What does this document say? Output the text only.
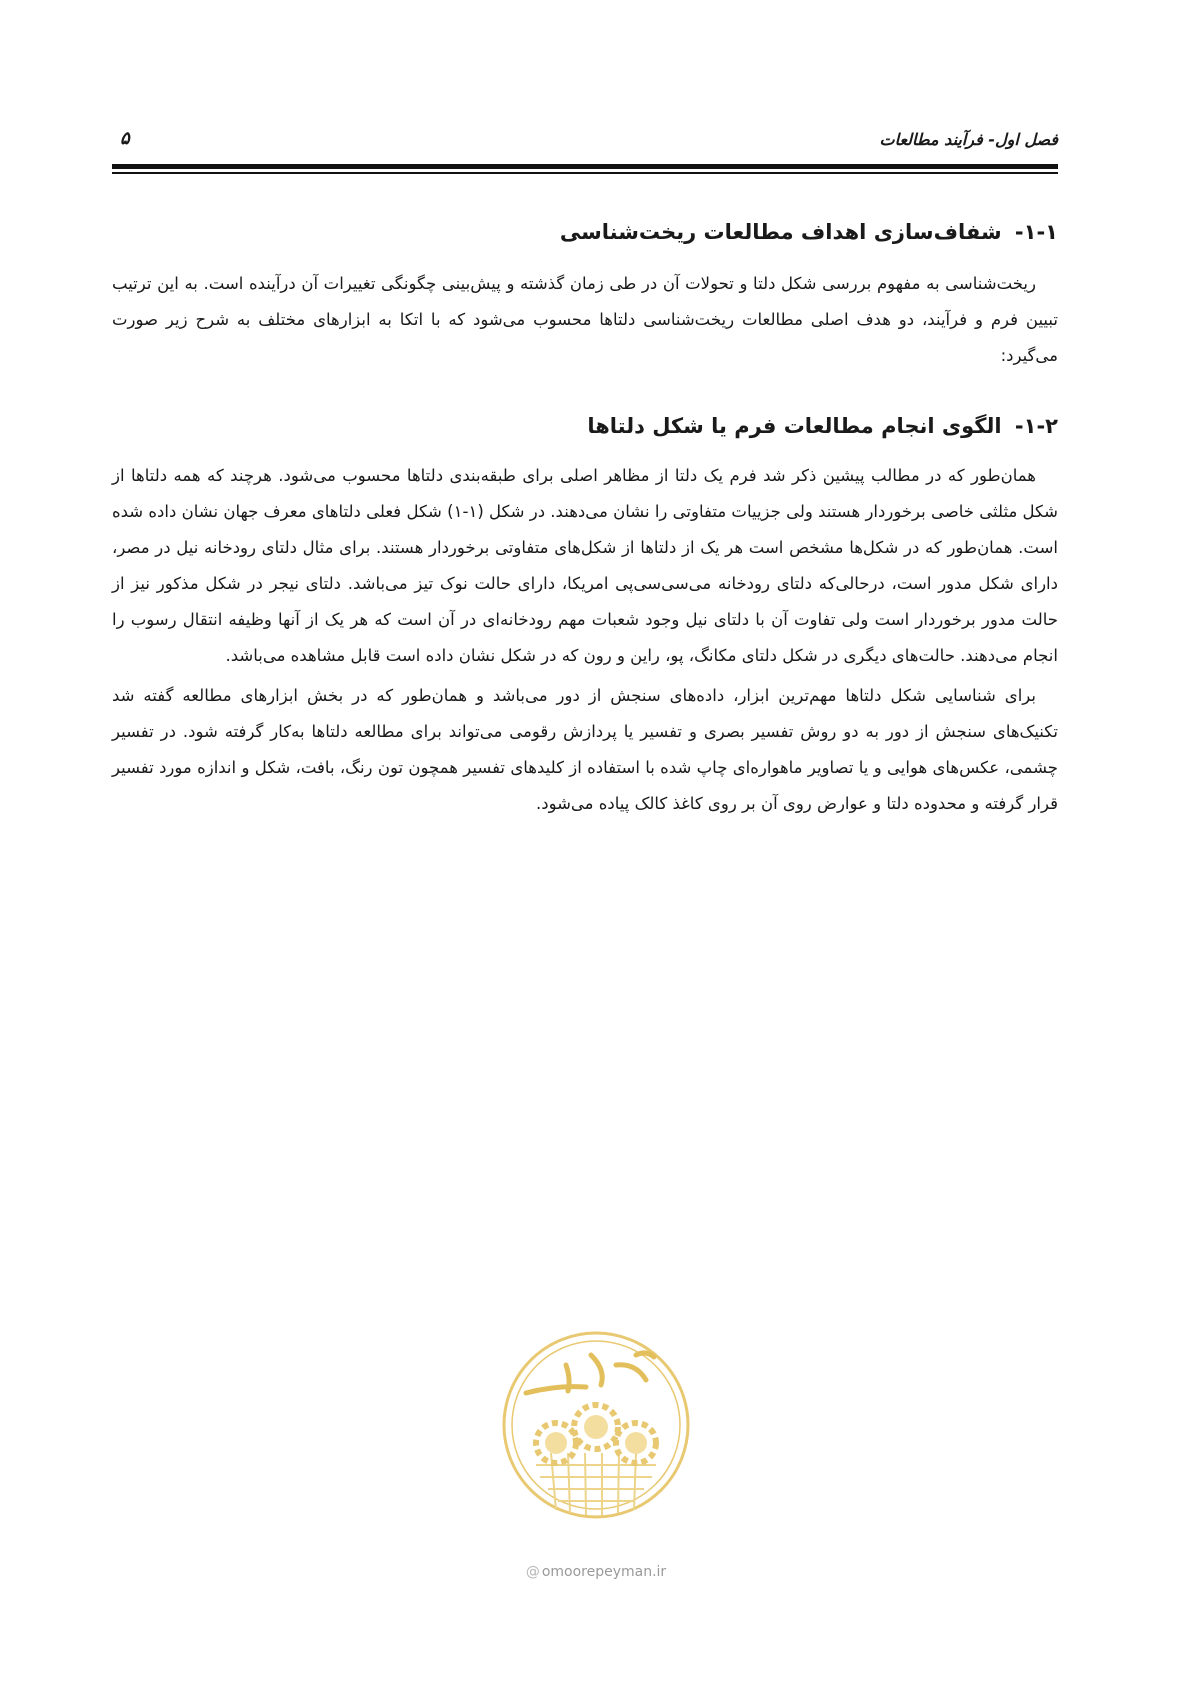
فصل اول- فرآیند مطالعات
۵
۱-۱- شفاف‌سازی اهداف مطالعات ریخت‌شناسی

ریخت‌شناسی به مفهوم بررسی شکل دلتا و تحولات آن در طی زمان گذشته و پیش‌بینی چگونگی تغییرات آن درآینده است. به این ترتیب تبیین فرم و فرآیند، دو هدف اصلی مطالعات ریخت‌شناسی دلتاها محسوب می‌شود که با اتکا به ابزارهای مختلف به شرح زیر صورت می‌گیرد:

۱-۲- الگوی انجام مطالعات فرم یا شکل دلتاها

همان‌طور که در مطالب پیشین ذکر شد فرم یک دلتا از مظاهر اصلی برای طبقه‌بندی دلتاها محسوب می‌شود. هرچند که همه دلتاها از شکل مثلثی خاصی برخوردار هستند ولی جزییات متفاوتی را نشان می‌دهند. در شکل (۱-۱) شکل فعلی دلتاهای معرف جهان نشان داده شده است. همان‌طور که در شکل‌ها مشخص است هر یک از دلتاها از شکل‌های متفاوتی برخوردار هستند. برای مثال دلتای رودخانه نیل در مصر، دارای شکل مدور است، درحالی‌که دلتای رودخانه می‌سی‌سی‌پی امریکا، دارای حالت نوک تیز می‌باشد. دلتای نیجر در شکل مذکور نیز از حالت مدور برخوردار است ولی تفاوت آن با دلتای نیل وجود شعبات مهم رودخانه‌ای در آن است که هر یک از آنها وظیفه انتقال رسوب را انجام می‌دهند. حالت‌های دیگری در شکل دلتای مکانگ، پو، راین و رون که در شکل نشان داده است قابل مشاهده می‌باشد.

برای شناسایی شکل دلتاها مهم‌ترین ابزار، داده‌های سنجش از دور می‌باشد و همان‌طور که در بخش ابزارهای مطالعه گفته شد تکنیک‌های سنجش از دور به دو روش تفسیر بصری و تفسیر یا پردازش رقومی می‌تواند برای مطالعه دلتاها به‌کار گرفته شود. در تفسیر چشمی، عکس‌های هوایی و یا تصاویر ماهواره‌ای چاپ شده با استفاده از کلیدهای تفسیر همچون تون رنگ، بافت، شکل و اندازه مورد تفسیر قرار گرفته و محدوده دلتا و عوارض روی آن بر روی کاغذ کالک پیاده می‌شود.

@ omoorepeyman.ir
